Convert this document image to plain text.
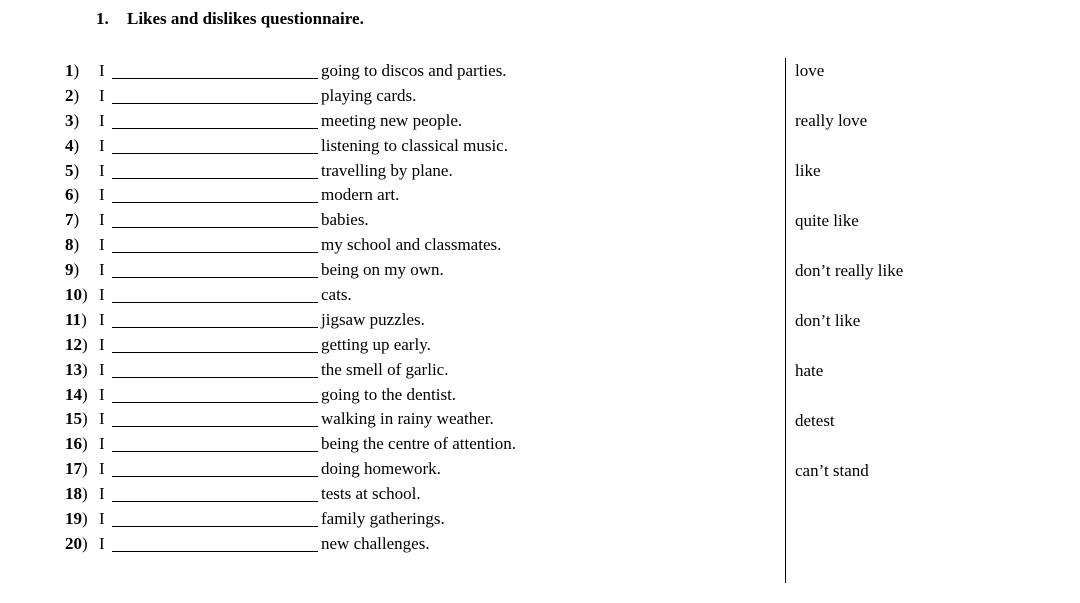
1. Likes and dislikes questionnaire.
1)	I	going to discos and parties.
2)	I	playing cards.
3)	I	meeting new people.
4)	I	listening to classical music.
5)	I	travelling by plane.
6)	I	modern art.
7)	I	babies.
8)	I	my school and classmates.
9)	I	being on my own.
10) I	cats.
11) I	jigsaw puzzles.
12) I	getting up early.
13) I	the smell of garlic.
14) I	going to the dentist.
15) I	walking in rainy weather.
16) I	being the centre of attention.
17) I	doing homework.
18) I	tests at school.
19) I	family gatherings.
20) I	new challenges.
love
really love
like
quite like
don’t really like
don’t like
hate
detest
can’t stand
